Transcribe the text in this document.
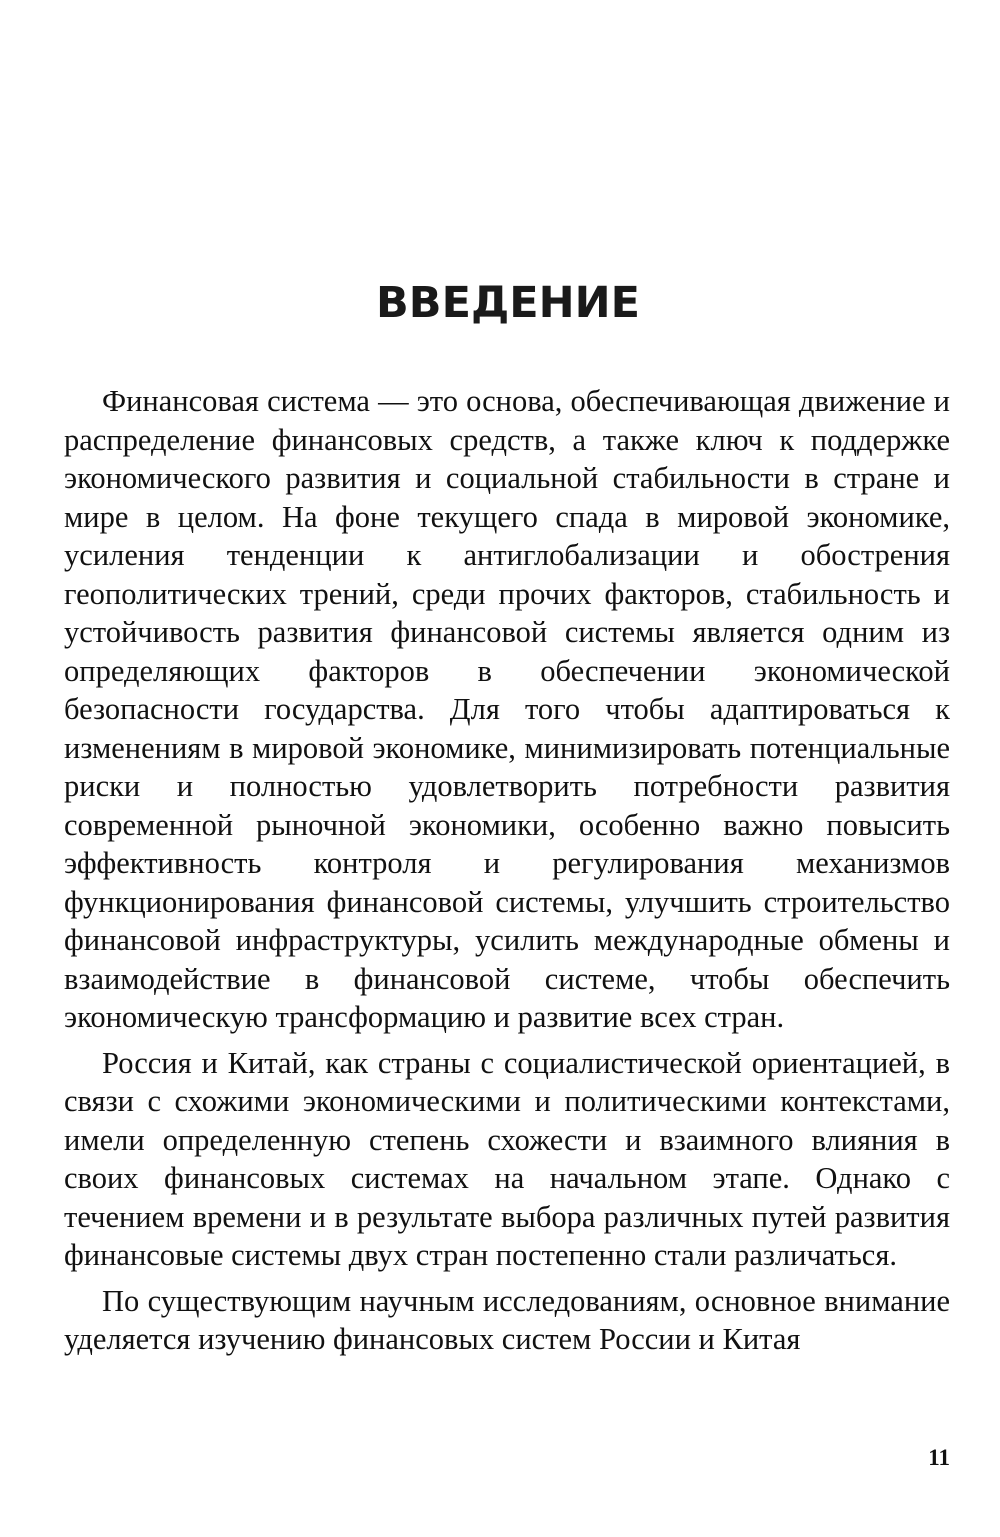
ВВЕДЕНИЕ

Финансовая система — это основа, обеспечивающая движение и распределение финансовых средств, а также ключ к поддержке экономического развития и социальной стабильности в стране и мире в целом. На фоне текущего спада в мировой экономике, усиления тенденции к антиглобализации и обострения геополитических трений, среди прочих факторов, стабильность и устойчивость развития финансовой системы является одним из определяющих факторов в обеспечении экономической безопасности государства. Для того чтобы адаптироваться к изменениям в мировой экономике, минимизировать потенциальные риски и полностью удовлетворить потребности развития современной рыночной экономики, особенно важно повысить эффективность контроля и регулирования механизмов функционирования финансовой системы, улучшить строительство финансовой инфраструктуры, усилить международные обмены и взаимодействие в финансовой системе, чтобы обеспечить экономическую трансформацию и развитие всех стран.

Россия и Китай, как страны с социалистической ориентацией, в связи с схожими экономическими и политическими контекстами, имели определенную степень схожести и взаимного влияния в своих финансовых системах на начальном этапе. Однако с течением времени и в результате выбора различных путей развития финансовые системы двух стран постепенно стали различаться.

По существующим научным исследованиям, основное внимание уделяется изучению финансовых систем России и Китая

11
